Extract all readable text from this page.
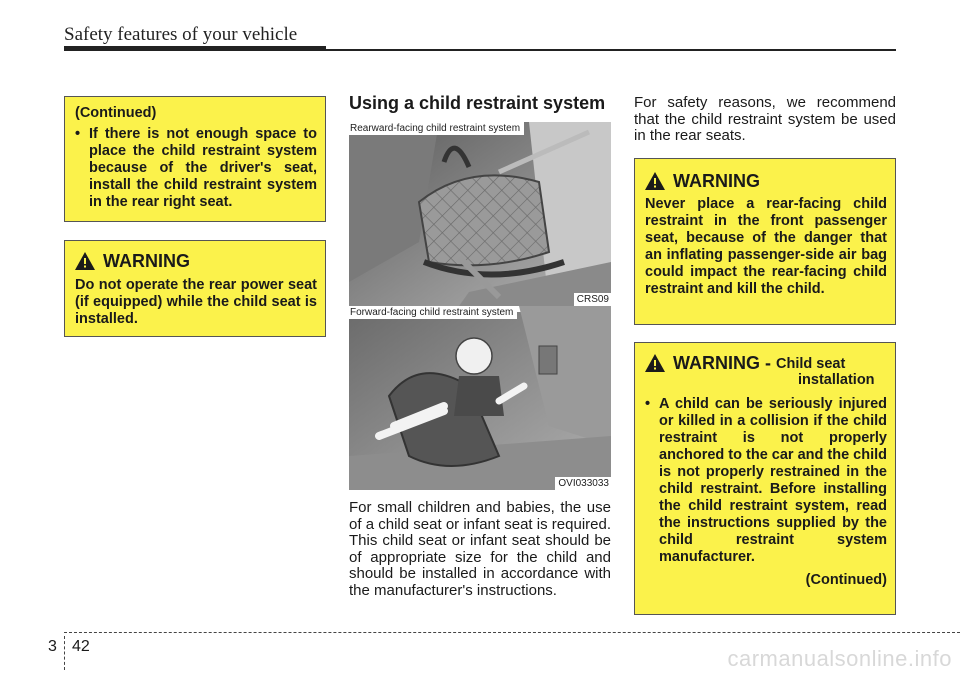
Safety features of your vehicle
(Continued)
• If there is not enough space to place the child restraint system because of the driver's seat, install the child restraint system in the rear right seat.
WARNING
Do not operate the rear power seat (if equipped) while the child seat is installed.
Using a child restraint system
Rearward-facing child restraint system
CRS09
Forward-facing child restraint system
OVI033033
For small children and babies, the use of a child seat or infant seat is required. This child seat or infant seat should be of appropriate size for the child and should be installed in accordance with the manufacturer's instructions.
For safety reasons, we recommend that the child restraint system be used in the rear seats.
WARNING
Never place a rear-facing child restraint in the front passenger seat, because of the danger that an inflating passenger-side air bag could impact the rear-facing child restraint and kill the child.
WARNING - Child seat
installation
• A child can be seriously injured or killed in a collision if the child restraint is not properly anchored to the car and the child is not properly restrained in the child restraint. Before installing the child restraint system, read the instructions supplied by the child restraint system manufacturer.
(Continued)
3 42	carmanualsonline.info
